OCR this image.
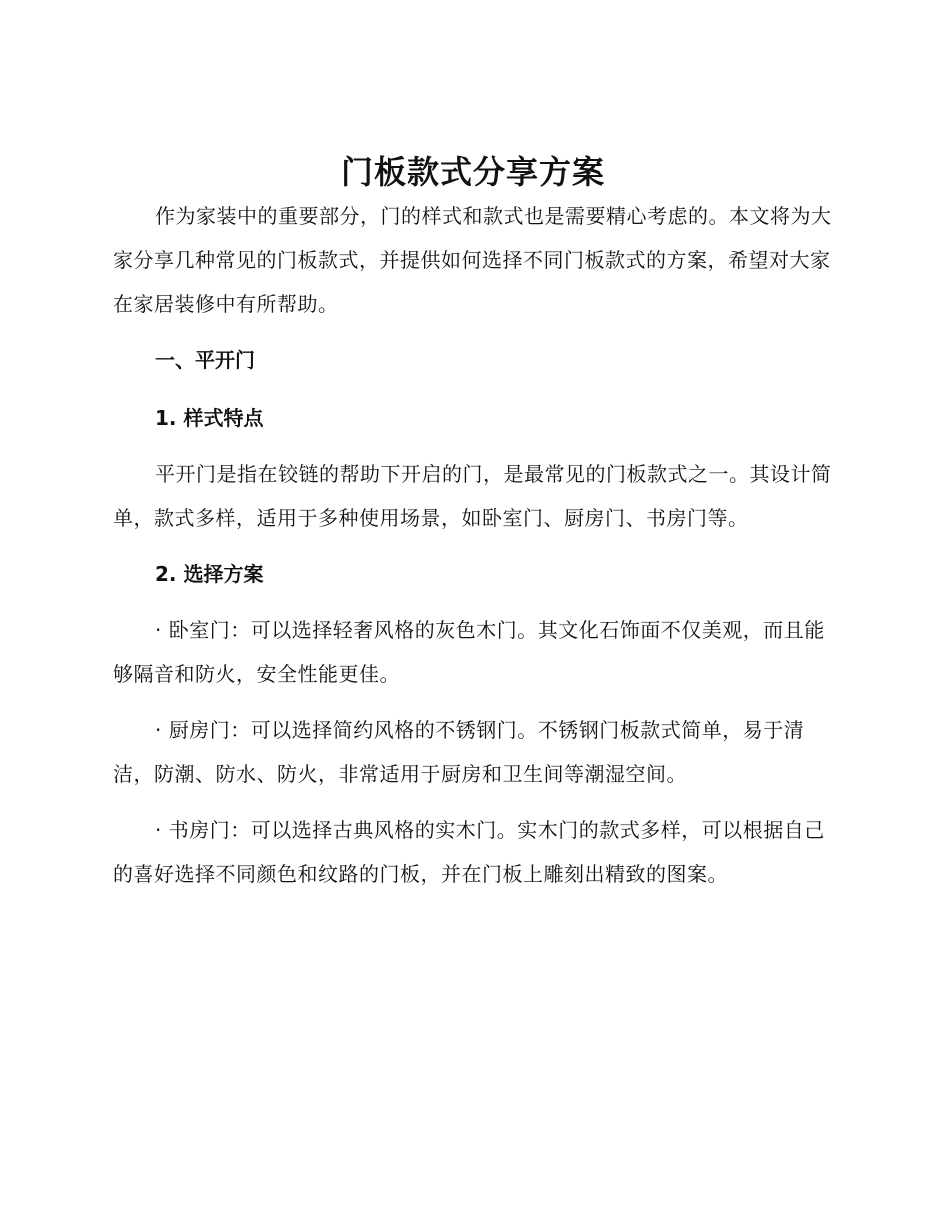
门板款式分享方案

作为家装中的重要部分，门的样式和款式也是需要精心考虑的。本文将为大家分享几种常见的门板款式，并提供如何选择不同门板款式的方案，希望对大家在家居装修中有所帮助。

一、平开门
1. 样式特点

平开门是指在铰链的帮助下开启的门，是最常见的门板款式之一。其设计简单，款式多样，适用于多种使用场景，如卧室门、厨房门、书房门等。

2. 选择方案

· 卧室门：可以选择轻奢风格的灰色木门。其文化石饰面不仅美观，而且能够隔音和防火，安全性能更佳。

· 厨房门：可以选择简约风格的不锈钢门。不锈钢门板款式简单，易于清洁，防潮、防水、防火，非常适用于厨房和卫生间等潮湿空间。

· 书房门：可以选择古典风格的实木门。实木门的款式多样，可以根据自己的喜好选择不同颜色和纹路的门板，并在门板上雕刻出精致的图案。
